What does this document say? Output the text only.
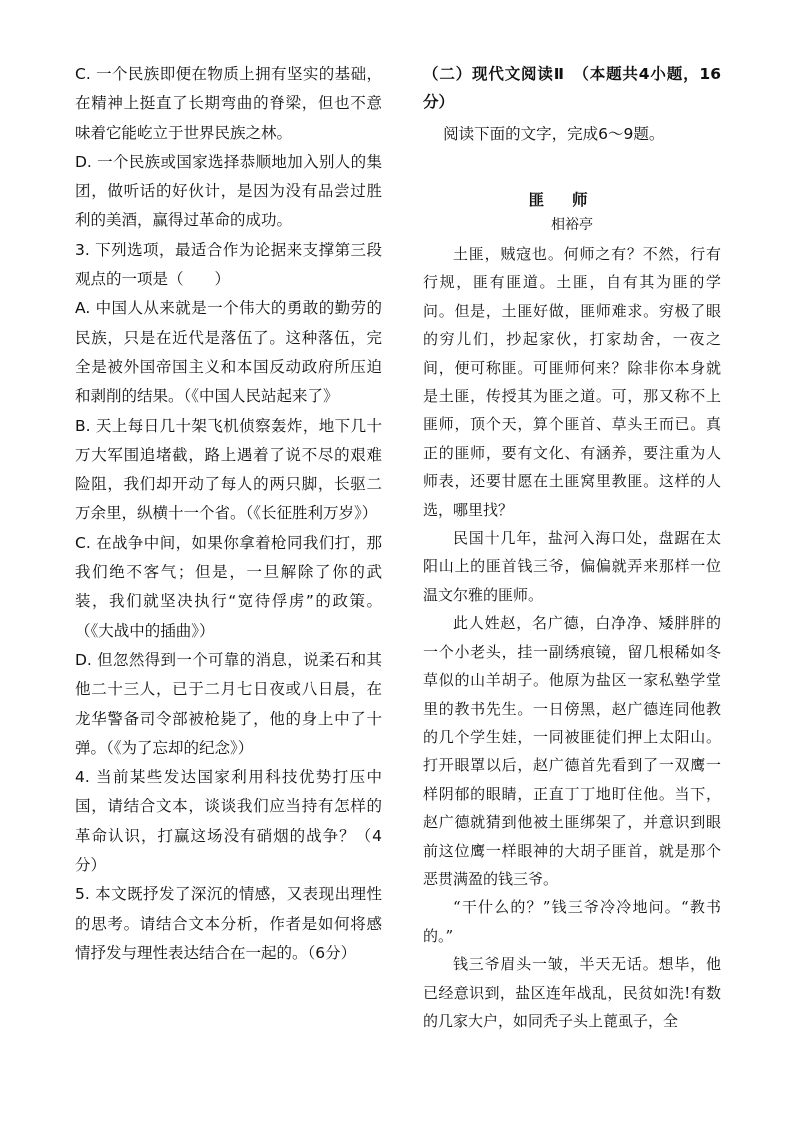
C. 一个民族即便在物质上拥有坚实的基础，在精神上挺直了长期弯曲的脊梁，但也不意味着它能屹立于世界民族之林。

D. 一个民族或国家选择恭顺地加入别人的集团，做听话的好伙计，是因为没有品尝过胜利的美酒，赢得过革命的成功。

3. 下列选项，最适合作为论据来支撑第三段观点的一项是（　　）

A. 中国人从来就是一个伟大的勇敢的勤劳的民族，只是在近代是落伍了。这种落伍，完全是被外国帝国主义和本国反动政府所压迫和剥削的结果。（《中国人民站起来了》

B. 天上每日几十架飞机侦察轰炸，地下几十万大军围追堵截，路上遇着了说不尽的艰难险阻，我们却开动了每人的两只脚，长驱二万余里，纵横十一个省。（《长征胜利万岁》）

C. 在战争中间，如果你拿着枪同我们打，那我们绝不客气；但是，一旦解除了你的武装，我们就坚决执行“宽待俘虏”的政策。（《大战中的插曲》）

D. 但忽然得到一个可靠的消息，说柔石和其他二十三人，已于二月七日夜或八日晨，在龙华警备司令部被枪毙了，他的身上中了十弹。（《为了忘却的纪念》）

4. 当前某些发达国家利用科技优势打压中国，请结合文本，谈谈我们应当持有怎样的革命认识，打赢这场没有硝烟的战争？（4分）

5. 本文既抒发了深沉的情感，又表现出理性的思考。请结合文本分析，作者是如何将感情抒发与理性表达结合在一起的。（6分）

（二）现代文阅读Ⅱ　（本题共4小题，16分）

阅读下面的文字，完成6～9题。

匪师

相裕亭

土匪，贼寇也。何师之有？不然，行有行规，匪有匪道。土匪，自有其为匪的学问。但是，土匪好做，匪师难求。穷极了眼的穷儿们，抄起家伙，打家劫舍，一夜之间，便可称匪。可匪师何来？除非你本身就是土匪，传授其为匪之道。可，那又称不上匪师，顶个天，算个匪首、草头王而已。真正的匪师，要有文化、有涵养，要注重为人师表，还要甘愿在土匪窝里教匪。这样的人选，哪里找？

民国十几年，盐河入海口处，盘踞在太阳山上的匪首钱三爷，偏偏就弄来那样一位温文尔雅的匪师。

此人姓赵，名广德，白净净、矮胖胖的一个小老头，挂一副绣痕镜，留几根稀如冬草似的山羊胡子。他原为盐区一家私塾学堂里的教书先生。一日傍黑，赵广德连同他教的几个学生娃，一同被匪徒们押上太阳山。打开眼罩以后，赵广德首先看到了一双鹰一样阴郁的眼睛，正直丁丁地盯住他。当下，赵广德就猜到他被土匪绑架了，并意识到眼前这位鹰一样眼神的大胡子匪首，就是那个恶贯满盈的钱三爷。

“干什么的？”钱三爷冷冷地问。“教书的。”

钱三爷眉头一皱，半天无话。想毕，他已经意识到，盐区连年战乱，民贫如洗!有数的几家大户，如同秃子头上蓖虱子，全
